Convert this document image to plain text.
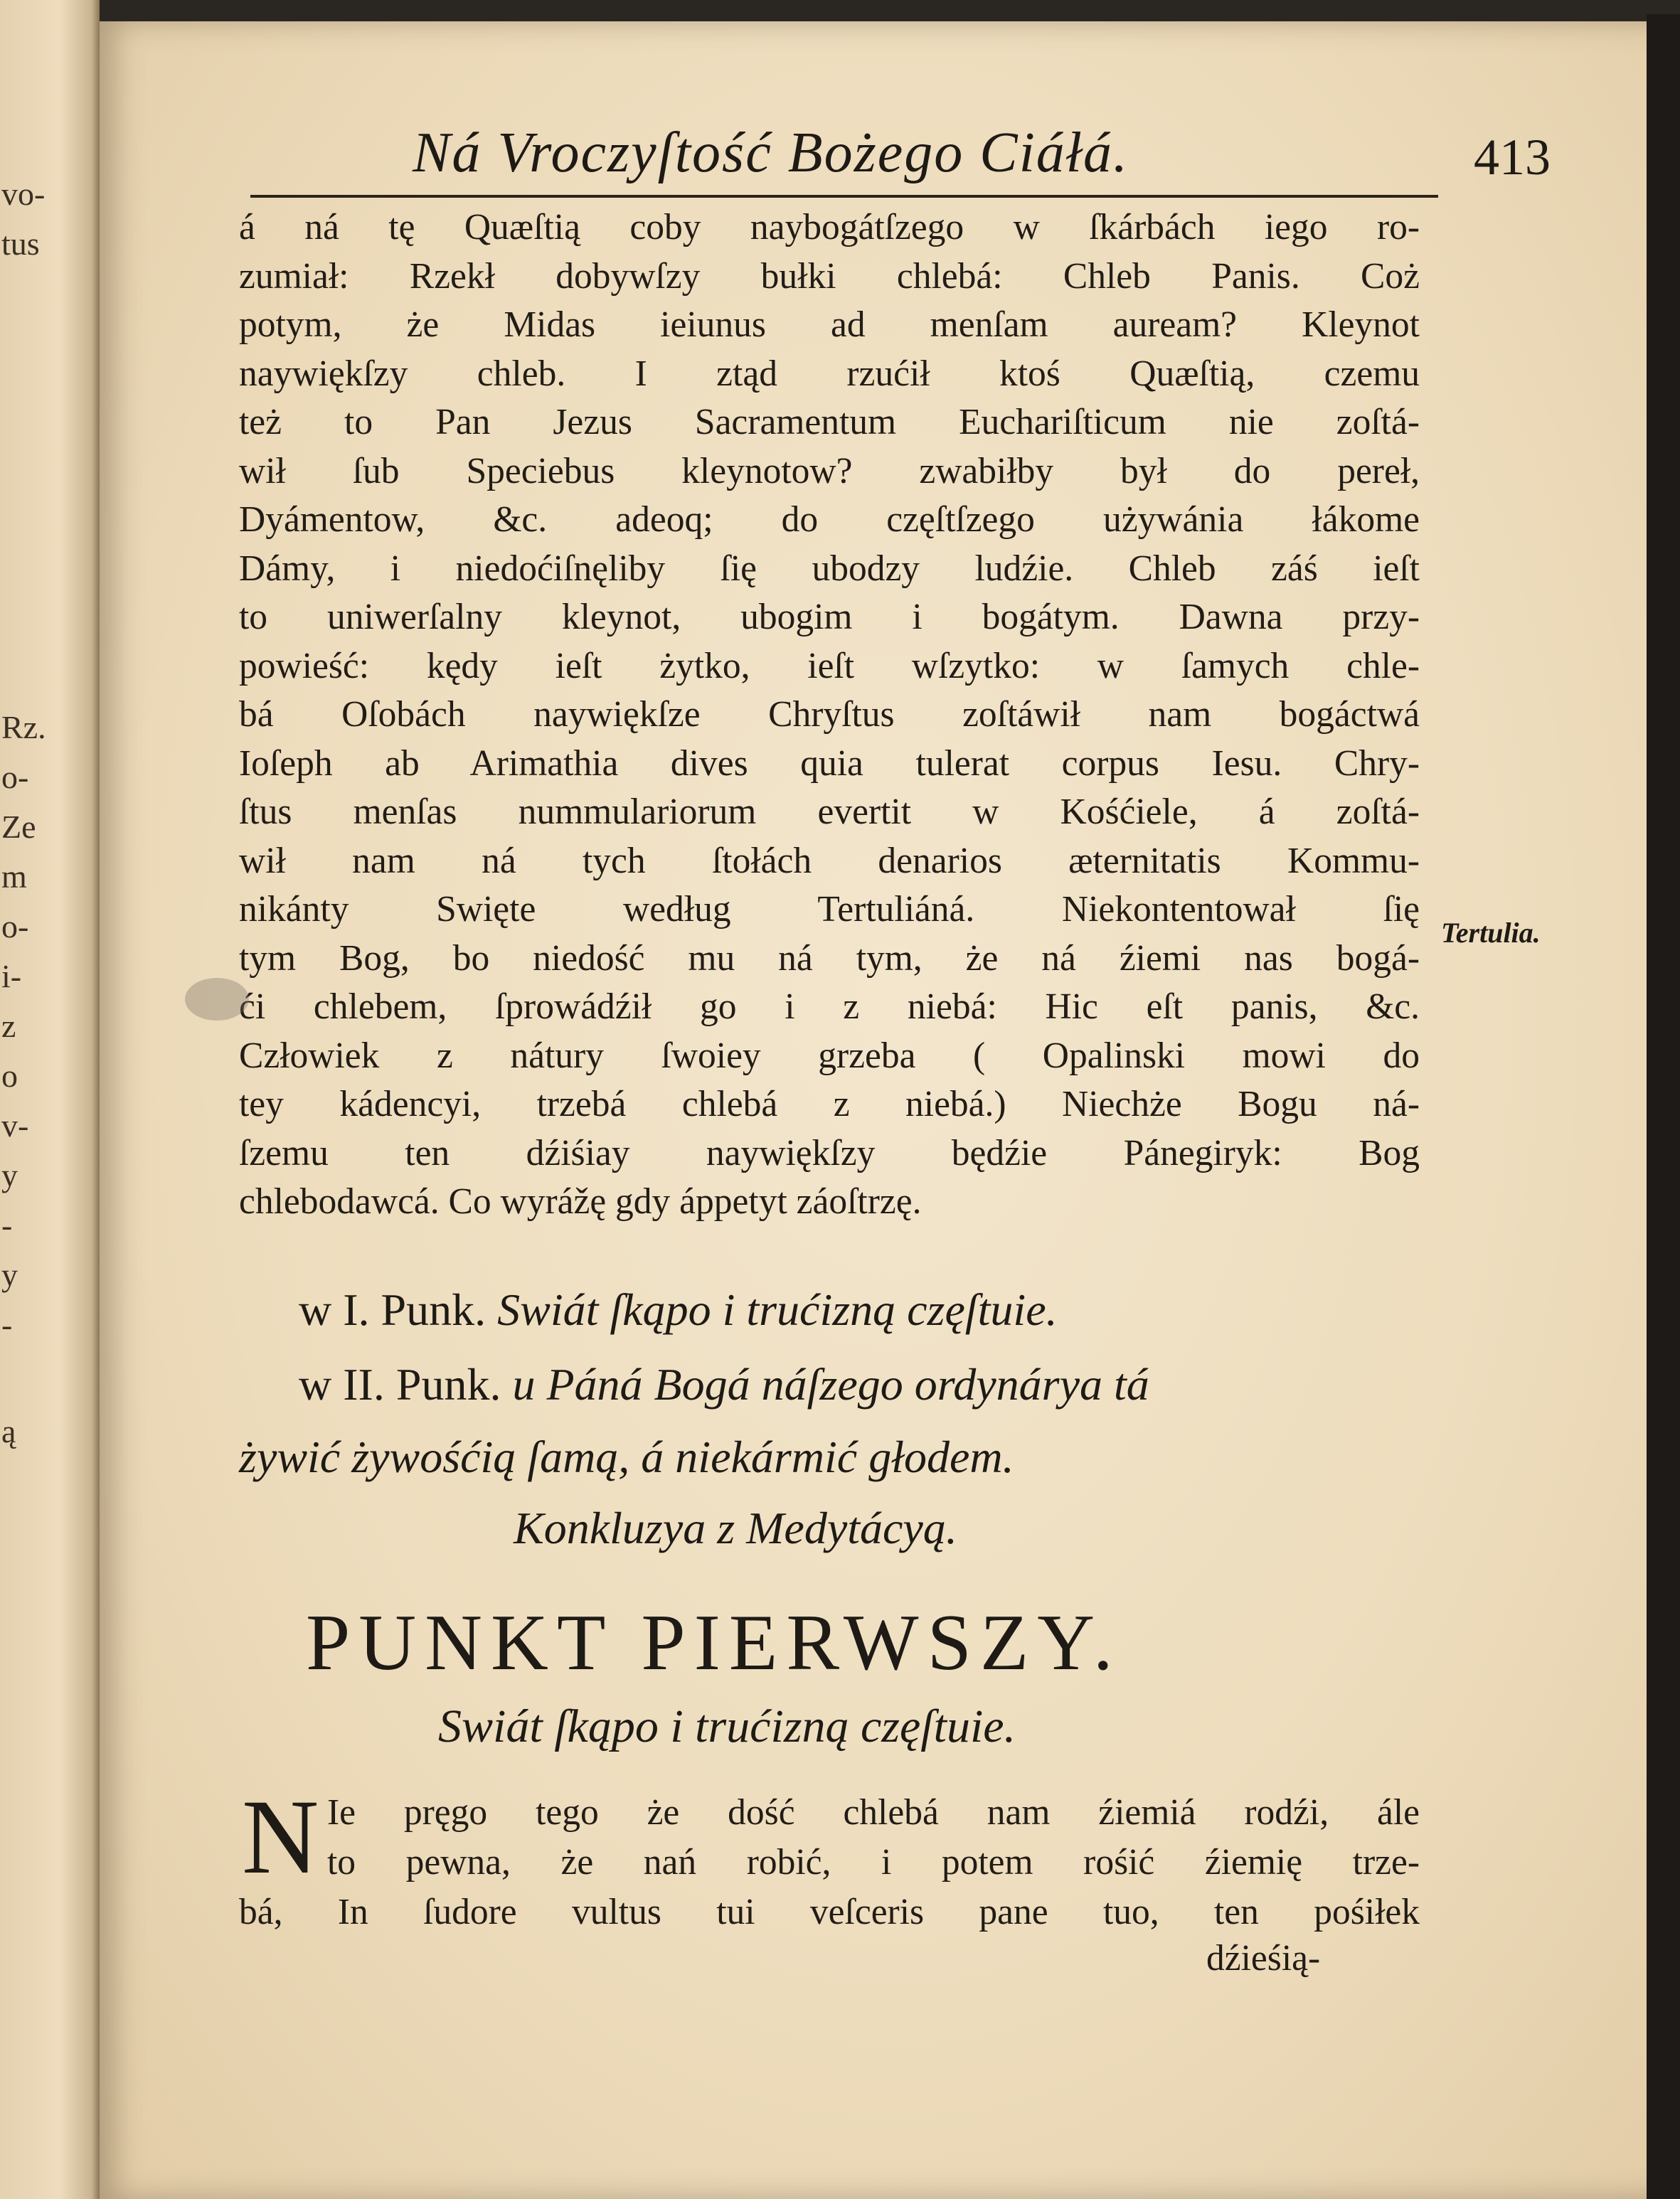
vo-
tus
Rz.
o-
Ze
m
o-
i-
z
o
v-
y
-
y
-
ą
Ná Vroczyſtość Bożego Ciáłá.	413
á ná tę Quæſtią coby naybogátſzego w ſkárbách iego ro-
zumiał: Rzekł dobywſzy bułki chlebá: Chleb Panis. Coż
potym, że Midas ieiunus ad menſam auream? Kleynot
naywiękſzy chleb. I ztąd rzućił ktoś Quæſtią, czemu
też to Pan Jezus Sacramentum Euchariſticum nie zoſtá-
wił ſub Speciebus kleynotow? zwabiłby był do pereł,
Dyámentow, &c. adeoq; do częſtſzego używánia łákome
Dámy, i niedoćiſnęliby ſię ubodzy ludźie. Chleb záś ieſt
to uniwerſalny kleynot, ubogim i bogátym. Dawna przy-
powieść: kędy ieſt żytko, ieſt wſzytko: w ſamych chle-
bá Oſobách naywiękſze Chryſtus zoſtáwił nam bogáctwá
Ioſeph ab Arimathia dives quia tulerat corpus Iesu. Chry-
ſtus menſas nummulariorum evertit w Kośćiele, á zoſtá-
wił nam ná tych ſtołách denarios æternitatis Kommu-
nikánty Swięte według Tertuliáná. Niekontentował ſię
tym Bog, bo niedość mu ná tym, że ná źiemi nas bogá-
ći chlebem, ſprowádźił go i z niebá: Hic eſt panis, &c.
Człowiek z nátury ſwoiey grzeba ( Opalinski mowi do
tey kádencyi, trzebá chlebá z niebá.) Niechże Bogu ná-
ſzemu ten dźiśiay naywiękſzy będźie Pánegiryk: Bog
chlebodawcá. Co wyrážę gdy áppetyt záoſtrzę.
w I. Punk. Swiát ſkąpo i trućizną częſtuie.
w II. Punk. u Páná Bogá náſzego ordynárya tá
żywić żywośćią ſamą, á niekármić głodem.
Konkluzya z Medytácyą.
Tertulia.
PUNKT PIERWSZY.
Swiát ſkąpo i trućizną częſtuie.
N Ie pręgo tego że dość chlebá nam źiemiá rodźi, ále
to pewna, że nań robić, i potem rośić źiemię trze-
bá, In ſudore vultus tui veſceris pane tuo, ten pośiłek
dźieśią-
